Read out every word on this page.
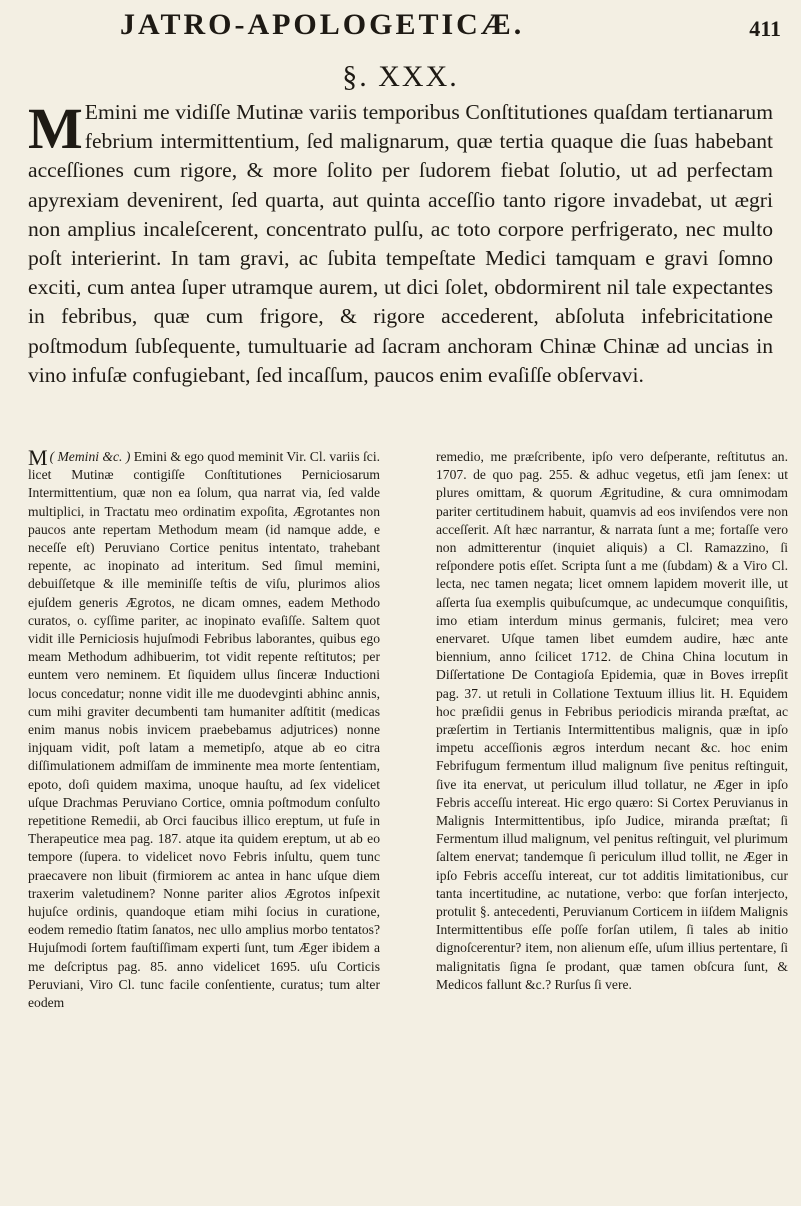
JATRO-APOLOGETICÆ.	411
§. XXX.
M Emini me vidiſſe Mutinæ variis temporibus Conſtitutiones quaſdam tertianarum febrium intermittentium, ſed malignarum, quæ tertia quaque die ſuas habebant acceſſiones cum rigore, & more ſolito per ſudorem fiebat ſolutio, ut ad perfectam apyrexiam devenirent, ſed quarta, aut quinta acceſſio tanto rigore invadebat, ut ægri non amplius incaleſcerent, concentrato pulſu, ac toto corpore perfrigerato, nec multo poſt interierint. In tam gravi, ac ſubita tempeſtate Medici tamquam e gravi ſomno exciti, cum antea ſuper utramque aurem, ut dici ſolet, obdormirent nil tale expectantes in febribus, quæ cum frigore, & rigore accederent, abſoluta infebricitatione poſtmodum ſubſequente, tumultuarie ad ſacram anchoram Chinæ Chinæ ad uncias in vino infuſæ confugiebant, ſed incaſſum, paucos enim evaſiſſe obſervavi.

( Memini &c. )
M	Emini & ego quod meminit Vir. Cl. variis ſci. licet Mutinæ contigiſſe Conſtitutiones Perniciosarum Intermittentium, quæ non ea ſolum, qua narrat via, ſed valde multiplici, in Tractatu meo ordinatim expoſita, Ægrotantes non paucos ante repertam Methodum meam (id namque adde, e neceſſe eſt) Peruviano Cortice penitus intentato, trahebant repente, ac inopinato ad interitum. Sed ſimul memini, debuiſſetque & ille meminiſſe teſtis de viſu, plurimos alios ejuſdem generis Ægrotos, ne dicam omnes, eadem Methodo curatos, o. cyſſime pariter, ac inopinato evaſiſſe. Saltem quot vidit ille Perniciosis hujuſmodi Febribus laborantes, quibus ego meam Methodum adhibuerim, tot vidit repente reſtitutos; per euntem vero neminem. Et ſiquidem ullus ſinceræ Inductioni locus concedatur; nonne vidit ille me duodevginti abhinc annis, cum mihi graviter decumbenti tam humaniter adſtitit (medicas enim manus nobis invicem praebebamus adjutrices) nonne injquam vidit, poſt latam a memetipſo, atque ab eo citra diſſimulationem admiſſam de imminente mea morte ſententiam, epoto, doſi quidem maxima, unoque hauſtu, ad ſex videlicet uſque Drachmas Peruviano Cortice, omnia poſtmodum conſulto repetitione Remedii, ab Orci faucibus illico ereptum, ut fuſe in Therapeutice mea pag. 187. atque ita quidem ereptum, ut ab eo tempore (ſupera. to videlicet novo Febris inſultu, quem tunc praecavere non libuit (firmiorem ac antea in hanc uſque diem traxerim valetudinem? Nonne pariter alios Ægrotos inſpexit hujuſce ordinis, quandoque etiam mihi ſocius in curatione, eodem remedio ſtatim ſanatos, nec ullo amplius morbo tentatos? Hujuſmodi ſortem fauſtiſſimam experti ſunt, tum Æger ibidem a me deſcriptus pag. 85. anno videlicet 1695. uſu Corticis Peruviani, Viro Cl. tunc facile conſentiente, curatus; tum alter eodem

remedio, me præſcribente, ipſo vero deſperante, reſtitutus an. 1707. de quo pag. 255. & adhuc vegetus, etſi jam ſenex: ut plures omittam, & quorum Ægritudine, & cura omnimodam pariter certitudinem habuit, quamvis ad eos inviſendos vere non acceſſerit. Aſt hæc narrantur, & narrata ſunt a me; fortaſſe vero non admitterentur (inquiet aliquis) a Cl. Ramazzino, ſi reſpondere potis eſſet. Scripta ſunt a me (ſubdam) & a Viro Cl. lecta, nec tamen negata; licet omnem lapidem moverit ille, ut aſſerta ſua exemplis quibuſcumque, ac undecumque conquiſitis, imo etiam interdum minus germanis, fulciret; mea vero enervaret. Uſque tamen libet eumdem audire, hæc ante biennium, anno ſcilicet 1712. de China China locutum in Diſſertatione De Contagioſa Epidemia, quæ in Boves irrepſit pag. 37. ut retuli in Collatione Textuum illius lit. H. Equidem hoc præſidii genus in Febribus periodicis miranda præſtat, ac præſertim in Tertianis Intermittentibus malignis, quæ in ipſo impetu acceſſionis ægros interdum necant &c. hoc enim Febrifugum fermentum illud malignum ſive penitus reſtinguit, ſive ita enervat, ut periculum illud tollatur, ne Æger in ipſo Febris acceſſu intereat. Hic ergo quæro: Si Cortex Peruvianus in Malignis Intermittentibus, ipſo Judice, miranda præſtat; ſi Fermentum illud malignum, vel penitus reſtinguit, vel plurimum ſaltem enervat; tandemque ſi periculum illud tollit, ne Æger in ipſo Febris acceſſu intereat, cur tot additis limitationibus, cur tanta incertitudine, ac nutatione, verbo: que forſan interjecto, protulit §. antecedenti, Peruvianum Corticem in iiſdem Malignis Intermittentibus eſſe poſſe forſan utilem, ſi tales ab initio dignoſcerentur? item, non alienum eſſe, uſum illius pertentare, ſi malignitatis ſigna ſe prodant, quæ tamen obſcura ſunt, & Medicos fallunt &c.? Rurſus ſi vere.
